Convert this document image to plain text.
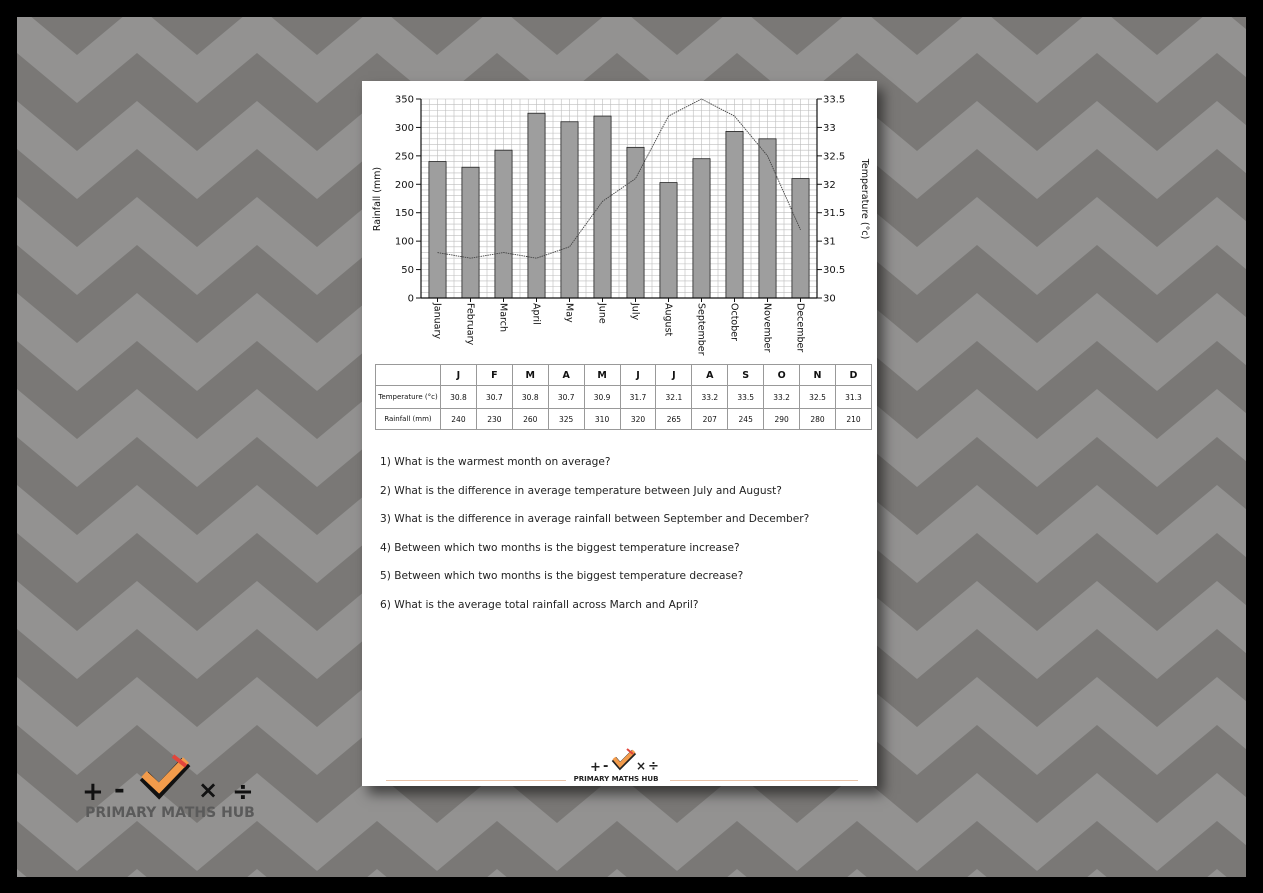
0
50
100
150
200
250
300
350
30
30.5
31
31.5
32
32.5
33
33.5
January February March April May June July August September October November December
Rainfall (mm)	Temperature (°c)
	J	F	M	A	M	J	J	A	S	O	N	D
Temperature (°c)	30.8	30.7	30.8	30.7	30.9	31.7	32.1	33.2	33.5	33.2	32.5	31.3
Rainfall (mm)	240	230	260	325	310	320	265	207	245	290	280	210
1) What is the warmest month on average?
2) What is the difference in average temperature between July and August?
3) What is the difference in average rainfall between September and December?
4) Between which two months is the biggest temperature increase?
5) Between which two months is the biggest temperature decrease?
6) What is the average total rainfall across March and April?
+ - × ÷
PRIMARY MATHS HUB
+ -	× ÷
PRIMARY MATHS HUB
